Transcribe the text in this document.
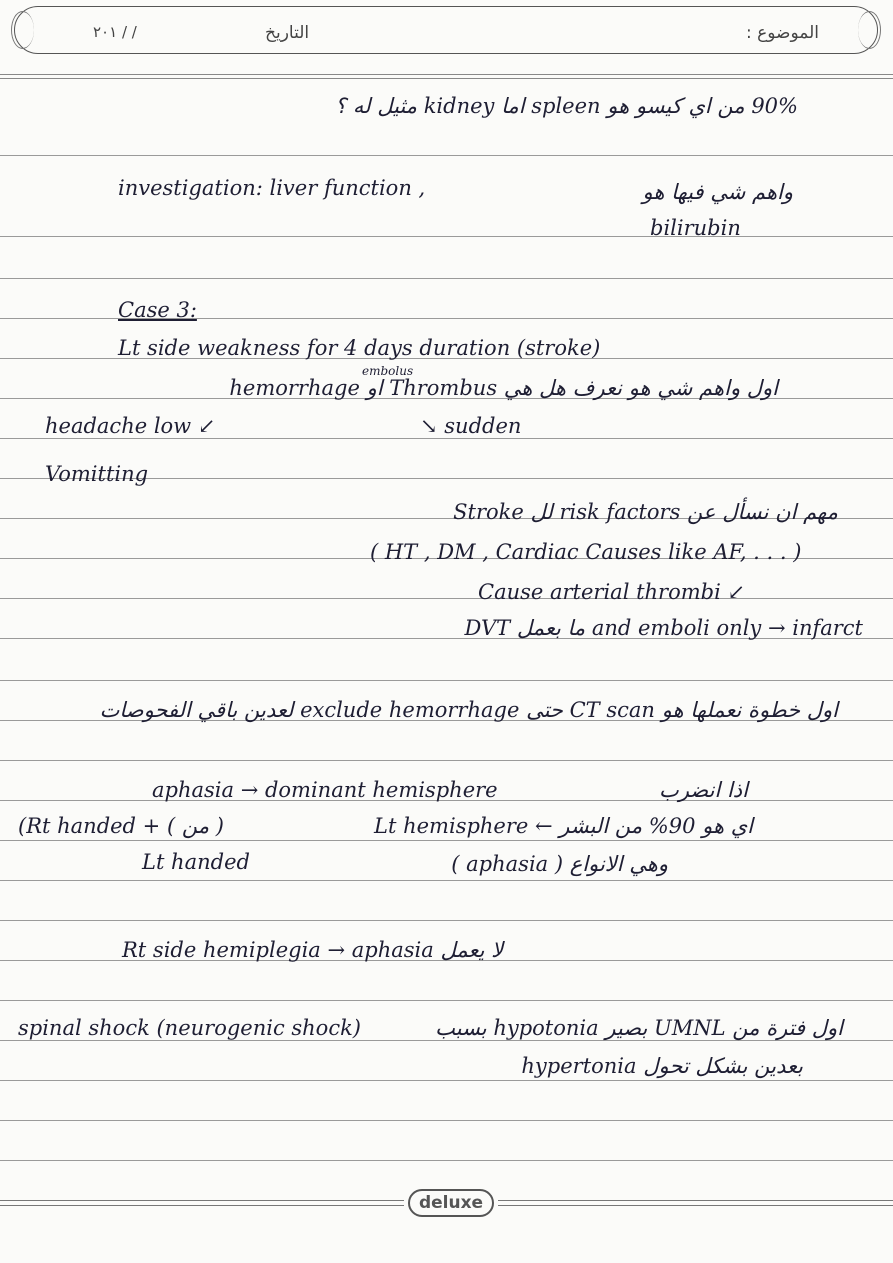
الموضوع :
التاريخ
٢٠١ / /
90% من اي كيسو هو spleen اما kidney مثيل له ؟
investigation: liver function ,	واهم شي فيها هو
bilirubin
Case 3:
Lt side weakness for 4 days duration (stroke)
embolus
اول واهم شي هو نعرف هل هي Thrombus او hemorrhage
headache low ↙	↘ sudden
Vomitting
مهم ان نسأل عن risk factors لل Stroke
( HT , DM , Cardiac Causes like AF, . . . )
Cause arterial thrombi ↙
DVT ما بعمل and emboli only → infarct
اول خطوة نعملها هو CT scan حتى exclude hemorrhage لعدين باقي الفحوصات
aphasia → dominant hemisphere	اذا انضرب
(Rt handed + ( من )	اي هو 90% من البشر ← Lt hemisphere
Lt handed	وهي الانواع ( aphasia )
Rt side hemiplegia → aphasia لا يعمل
spinal shock (neurogenic shock)	اول فترة من UMNL بصير hypotonia بسبب
بعدين بشكل تحول hypertonia
deluxe
